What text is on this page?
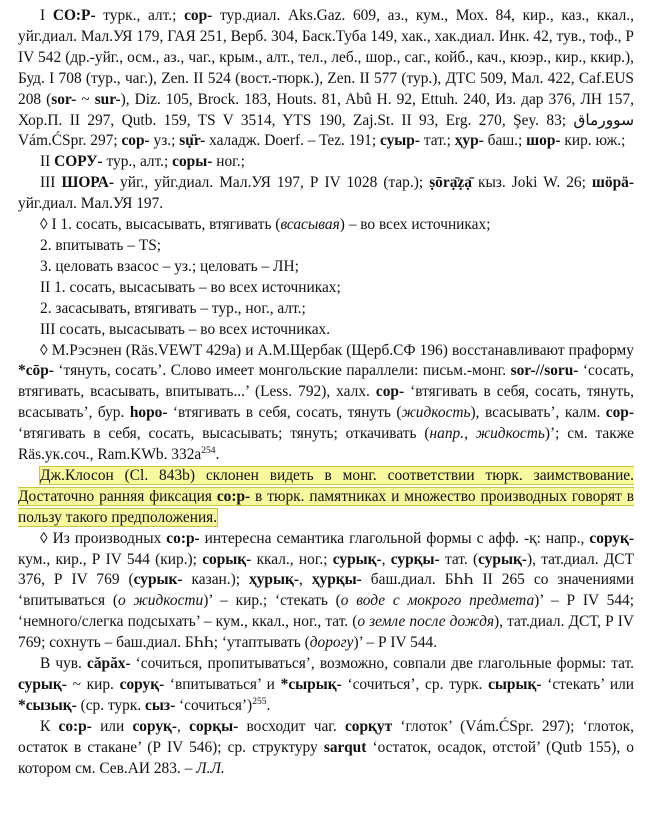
I СО:Р- турк., алт.; сор- тур.диал. Aks.Gaz. 609, аз., кум., Мох. 84, кир., каз., ккал., уйг.диал. Мал.УЯ 179, ГАЯ 251, Верб. 304, Баск.Туба 149, хак., хак.диал. Инк. 42, тув., тоф., Р IV 542 (др.-уйг., осм., аз., чаг., крым., алт., тел., леб., шор., саг., койб., кач., кюэр., кир., ккир.), Буд. I 708 (тур., чаг.), Zen. II 524 (вост.-тюрк.), Zen. II 577 (тур.), ДТС 509, Мал. 422, Caf.EUS 208 (sor- ~ sur-), Diz. 105, Brock. 183, Houts. 81, Abû H. 92, Ettuh. 240, Из. дар 376, ЛН 157, Хор.П. II 297, Qutb. 159, TS V 3514, YTS 190, Zaj.St. II 93, Erg. 270, Şey. 83; سوورماق Vám.ĆSpr. 297; сор- уз.; sụ̈r- халадж. Doerf. – Tez. 191; суыр- тат.; ҳур- баш.; шор- кир. юж.;

II СОРУ- тур., алт.; соры- ног.;

III ШОРА- уйг., уйг.диал. Мал.УЯ 197, Р IV 1028 (тар.); ṣōrạ̄ẓạ̄ кыз. Joki W. 26; шöрä- уйг.диал. Мал.УЯ 197.

◊ I 1. сосать, высасывать, втягивать (всасывая) – во всех источниках;

2. впитывать – TS;

3. целовать взасос – уз.; целовать – ЛН;

II 1. сосать, высасывать – во всех источниках;

2. засасывать, втягивать – тур., ног., алт.;

III сосать, высасывать – во всех источниках.

◊ М.Рэсэнен (Räs.VEWT 429a) и А.М.Щербак (Щерб.СФ 196) восстанавливают праформу *сōр- ‘тянуть, сосать’. Слово имеет монгольские параллели: письм.-монг. sor-//soru- ‘сосать, втягивать, всасывать, впитывать...’ (Less. 792), халх. сор- ‘втягивать в себя, сосать, тянуть, всасывать’, бур. hopo- ‘втягивать в себя, сосать, тянуть (жидкость), всасывать’, калм. сор- ‘втягивать в себя, сосать, высасывать; тянуть; откачивать (напр., жидкость)’; см. также Räs.ук.соч., Ram.KWb. $332a^{254}$.

Дж.Клосон (Cl. 843b) склонен видеть в монг. соответствии тюрк. заимствование. Достаточно ранняя фиксация со:р- в тюрк. памятниках и множество производных говорят в пользу такого предположения.

◊ Из производных со:р- интересна семантика глагольной формы с афф. -қ: напр., соруқ- кум., кир., Р IV 544 (кир.); сорық- ккал., ног.; сурық-, сурқы- тат. (сурық-), тат.диал. ДСТ 376, Р IV 769 (сурык- казан.); ҳурық-, ҳурқы- баш.диал. БҺҺ II 265 со значениями ‘впитываться (о жидкости)’ – кир.; ‘стекать (о воде с мокрого предмета)’ – Р IV 544; ‘немного/слегка подсыхать’ – кум., ккал., ног., тат. (о земле после дождя), тат.диал. ДСТ, Р IV 769; сохнуть – баш.диал. БҺҺ; ‘утаптывать (дорогу)’ – Р IV 544.

В чув. сăрăх- ‘сочиться, пропитываться’, возможно, совпали две глагольные формы: тат. сурық- ~ кир. соруқ- ‘впитываться’ и *сырық- ‘сочиться’, ср. турк. сырық- ‘стекать’ или *сызық- (ср. турк. сыз- ‘сочиться’)$^{255}$.

К со:р- или соруқ-, сорқы- восходит чаг. сорқут ‘глоток’ (Vám.ĆSpr. 297); ‘глоток, остаток в стакане’ (Р IV 546); ср. структуру sarqut ‘остаток, осадок, отстой’ (Qutb 155), о котором см. Сев.АИ 283. – Л.Л.
